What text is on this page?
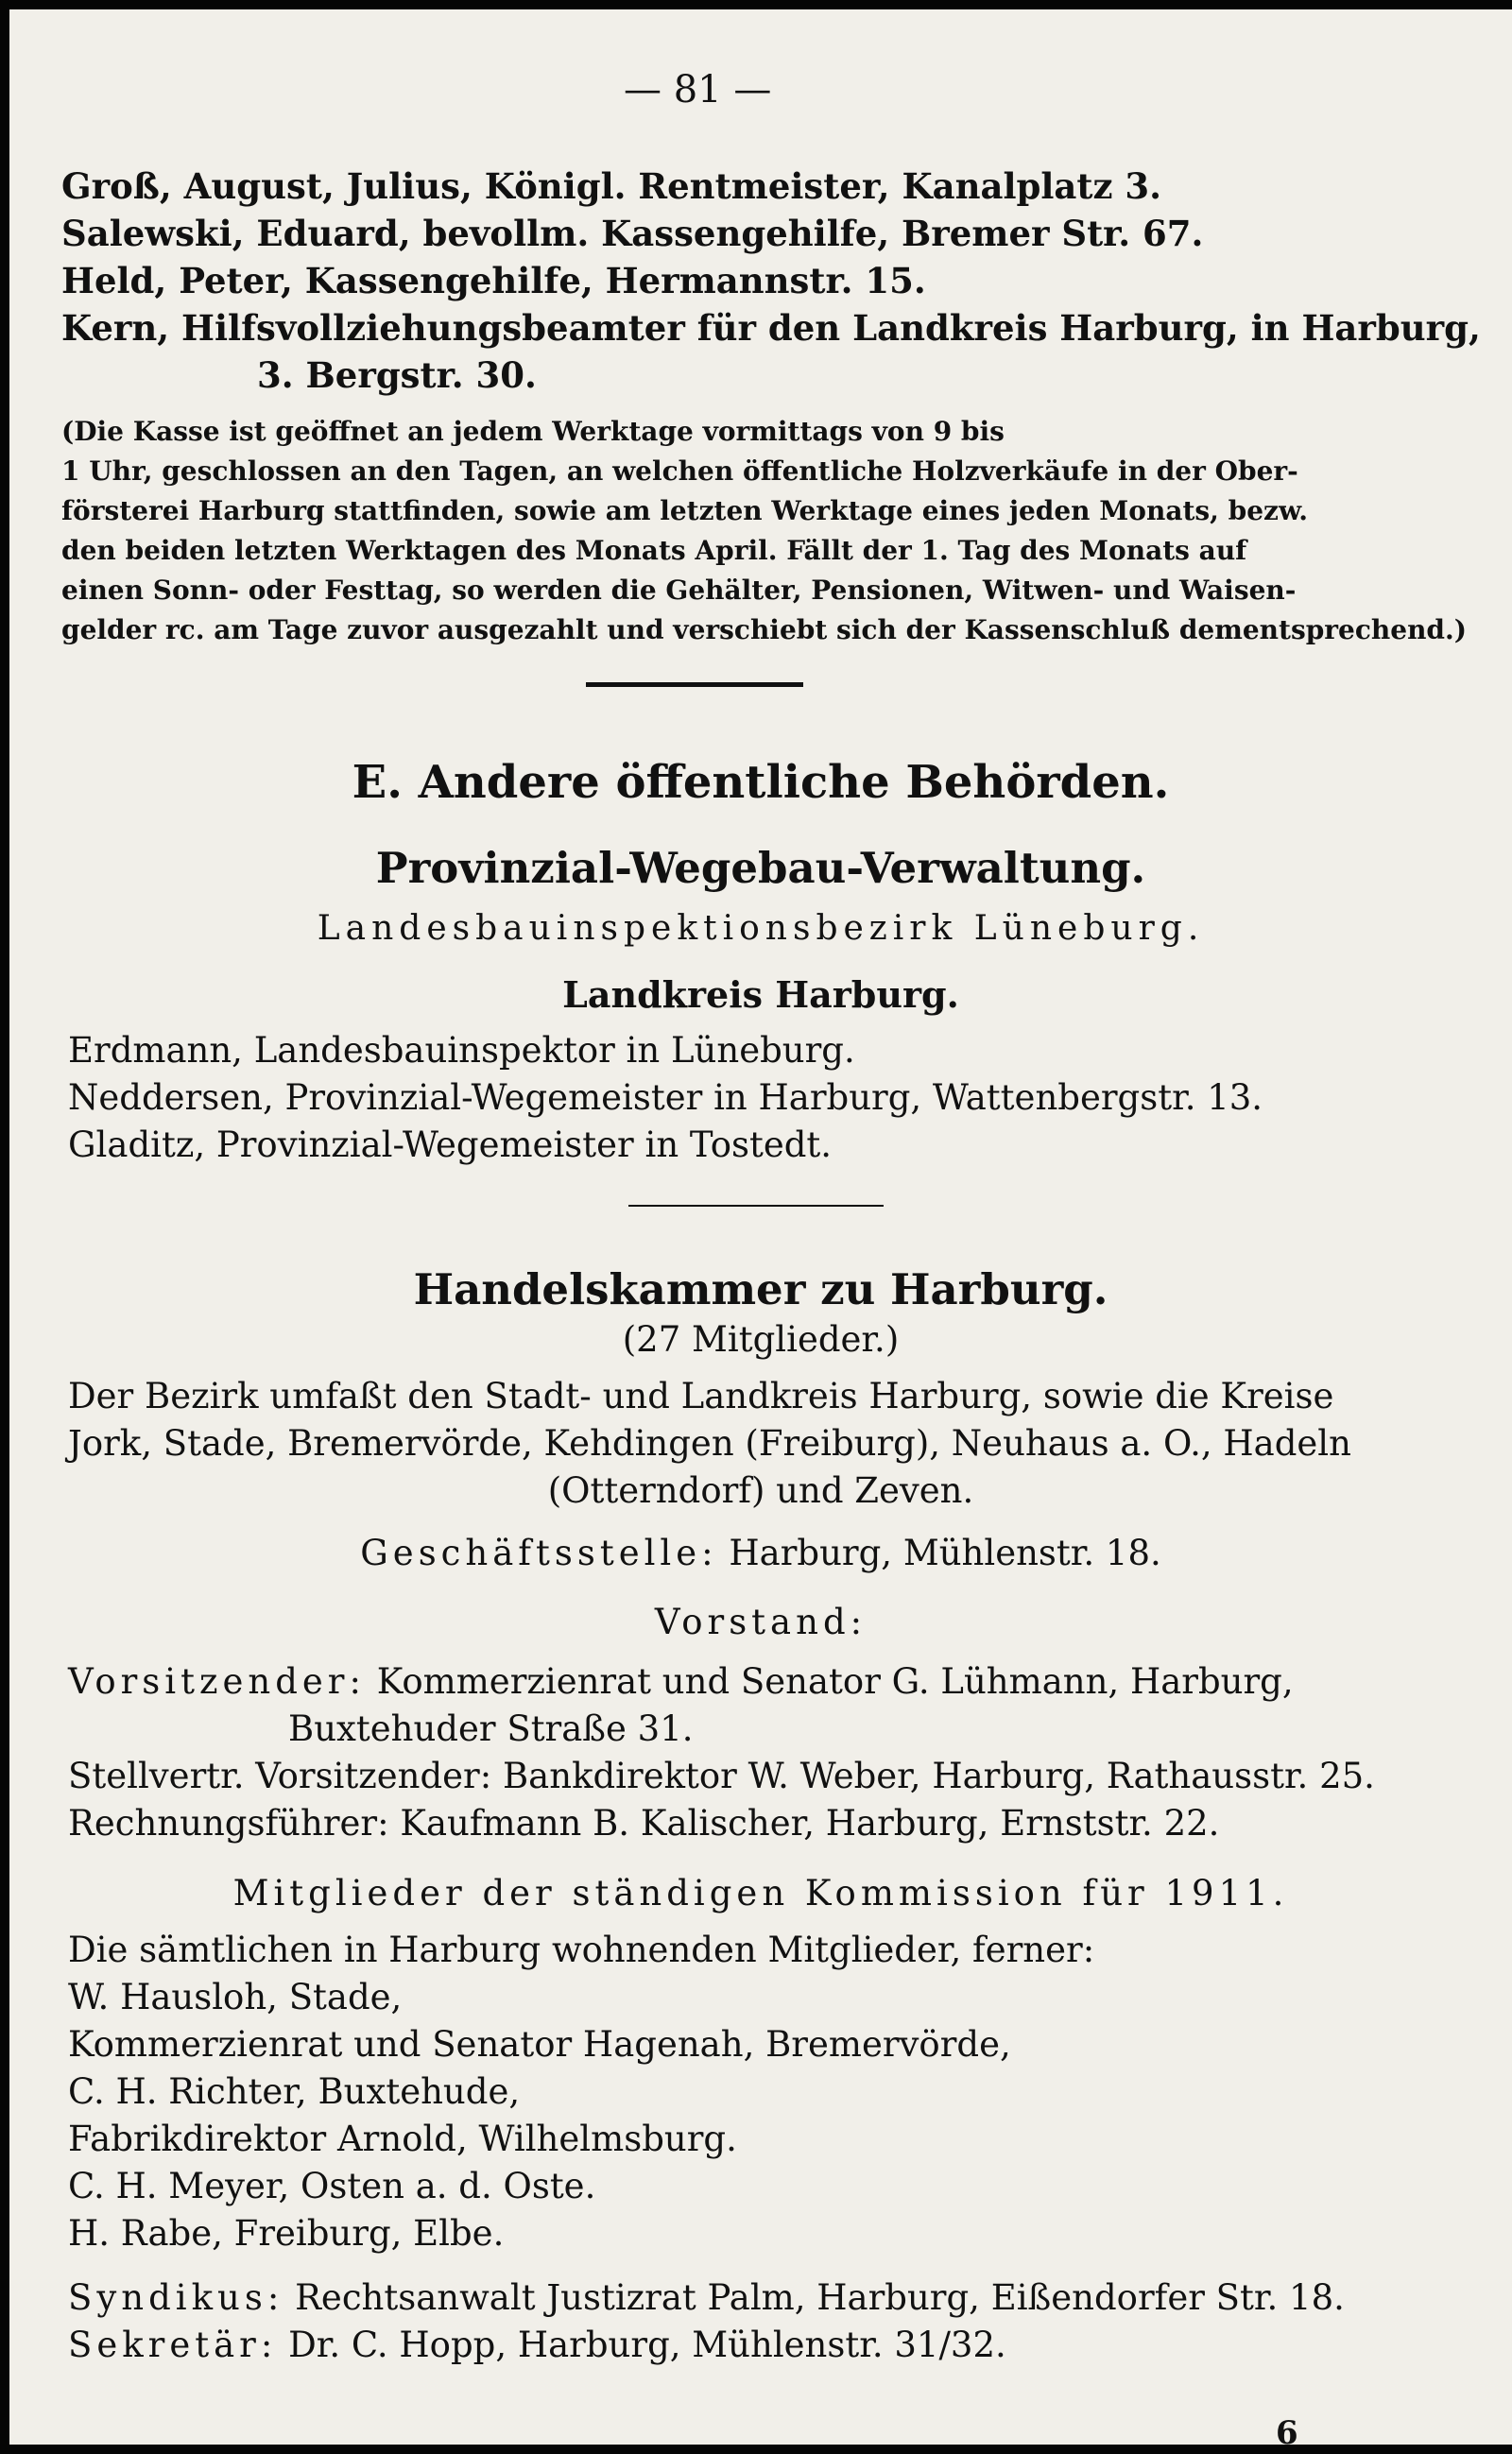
— 81 —
Groß, August, Julius, Königl. Rentmeister, Kanalplatz 3.
Salewski, Eduard, bevollm. Kassengehilfe, Bremer Str. 67.
Held, Peter, Kassengehilfe, Hermannstr. 15.
Kern, Hilfsvollziehungsbeamter für den Landkreis Harburg, in Harburg,
3. Bergstr. 30.
(Die Kasse ist geöffnet an jedem Werktage vormittags von 9 bis
1 Uhr, geschlossen an den Tagen, an welchen öffentliche Holzverkäufe in der Ober-
försterei Harburg stattfinden, sowie am letzten Werktage eines jeden Monats, bezw.
den beiden letzten Werktagen des Monats April. Fällt der 1. Tag des Monats auf
einen Sonn- oder Festtag, so werden die Gehälter, Pensionen, Witwen- und Waisen-
gelder rc. am Tage zuvor ausgezahlt und verschiebt sich der Kassenschluß dementsprechend.)
E. Andere öffentliche Behörden.
Provinzial-Wegebau-Verwaltung.
Landesbauinspektionsbezirk Lüneburg.
Landkreis Harburg.
Erdmann, Landesbauinspektor in Lüneburg.
Neddersen, Provinzial-Wegemeister in Harburg, Wattenbergstr. 13.
Gladitz, Provinzial-Wegemeister in Tostedt.
Handelskammer zu Harburg.
(27 Mitglieder.)
Der Bezirk umfaßt den Stadt- und Landkreis Harburg, sowie die Kreise
Jork, Stade, Bremervörde, Kehdingen (Freiburg), Neuhaus a. O., Hadeln
(Otterndorf) und Zeven.
Geschäftsstelle: Harburg, Mühlenstr. 18.
Vorstand:
Vorsitzender: Kommerzienrat und Senator G. Lühmann, Harburg,
Buxtehuder Straße 31.
Stellvertr. Vorsitzender: Bankdirektor W. Weber, Harburg, Rathausstr. 25.
Rechnungsführer: Kaufmann B. Kalischer, Harburg, Ernststr. 22.
Mitglieder der ständigen Kommission für 1911.
Die sämtlichen in Harburg wohnenden Mitglieder, ferner:
W. Hausloh, Stade,
Kommerzienrat und Senator Hagenah, Bremervörde,
C. H. Richter, Buxtehude,
Fabrikdirektor Arnold, Wilhelmsburg.
C. H. Meyer, Osten a. d. Oste.
H. Rabe, Freiburg, Elbe.
Syndikus: Rechtsanwalt Justizrat Palm, Harburg, Eißendorfer Str. 18.
Sekretär: Dr. C. Hopp, Harburg, Mühlenstr. 31/32.
6
